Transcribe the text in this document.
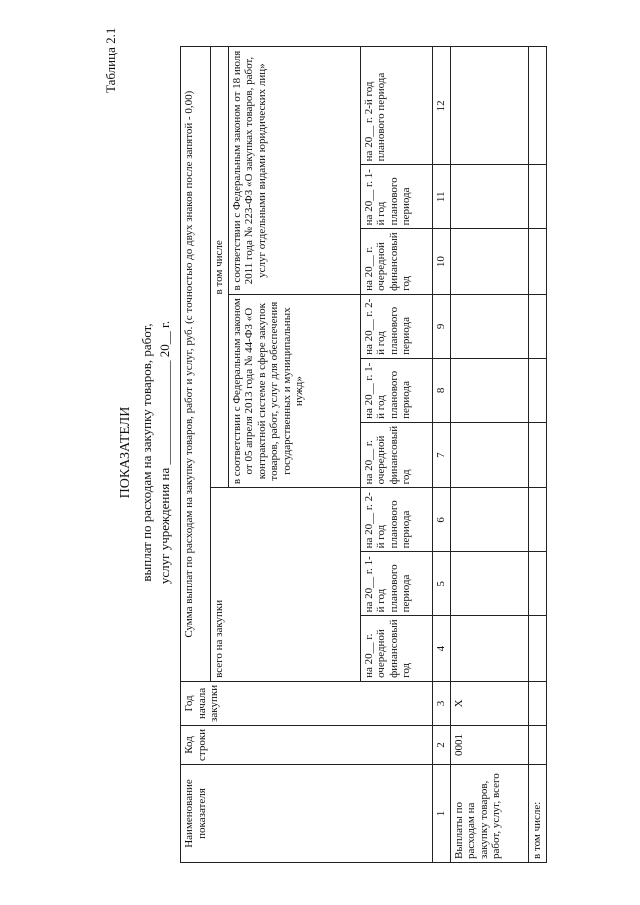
Таблица 2.1
ПОКАЗАТЕЛИ выплат по расходам на закупку товаров, работ, услуг учреждения на ________________ 20__ г.
Наименование показателя	Код строки	Год начала закупки	Сумма выплат по расходам на закупку товаров, работ и услуг, руб. (с точностью до двух знаков после запятой - 0,00)								
			всего на закупки			в том числе					
						в соответствии с Федеральным законом от 05 апреля 2013 года № 44-ФЗ «О контрактной системе в сфере закупок товаров, работ, услуг для обеспечения государственных и муниципальных нужд»			в соответствии с Федеральным законом от 18 июля 2011 года № 223-ФЗ «О закупках товаров, работ, услуг отдельными видами юридических лиц»		
			на 20__ г. очередной финансовый год	на 20__ г. 1-й год планового периода	на 20__ г. 2-й год планового периода	на 20__ г. очередной финансовый год	на 20__ г. 1-й год планового периода	на 20__ г. 2-й год планового периода	на 20__ г. очередной финансовый год	на 20__ г. 1-й год планового периода	на 20__ г. 2-й год планового периода
1	2	3	4	5	6	7	8	9	10	11	12
Выплаты по расходам на закупку товаров, работ, услуг, всего	0001	X									
в том числе:											
